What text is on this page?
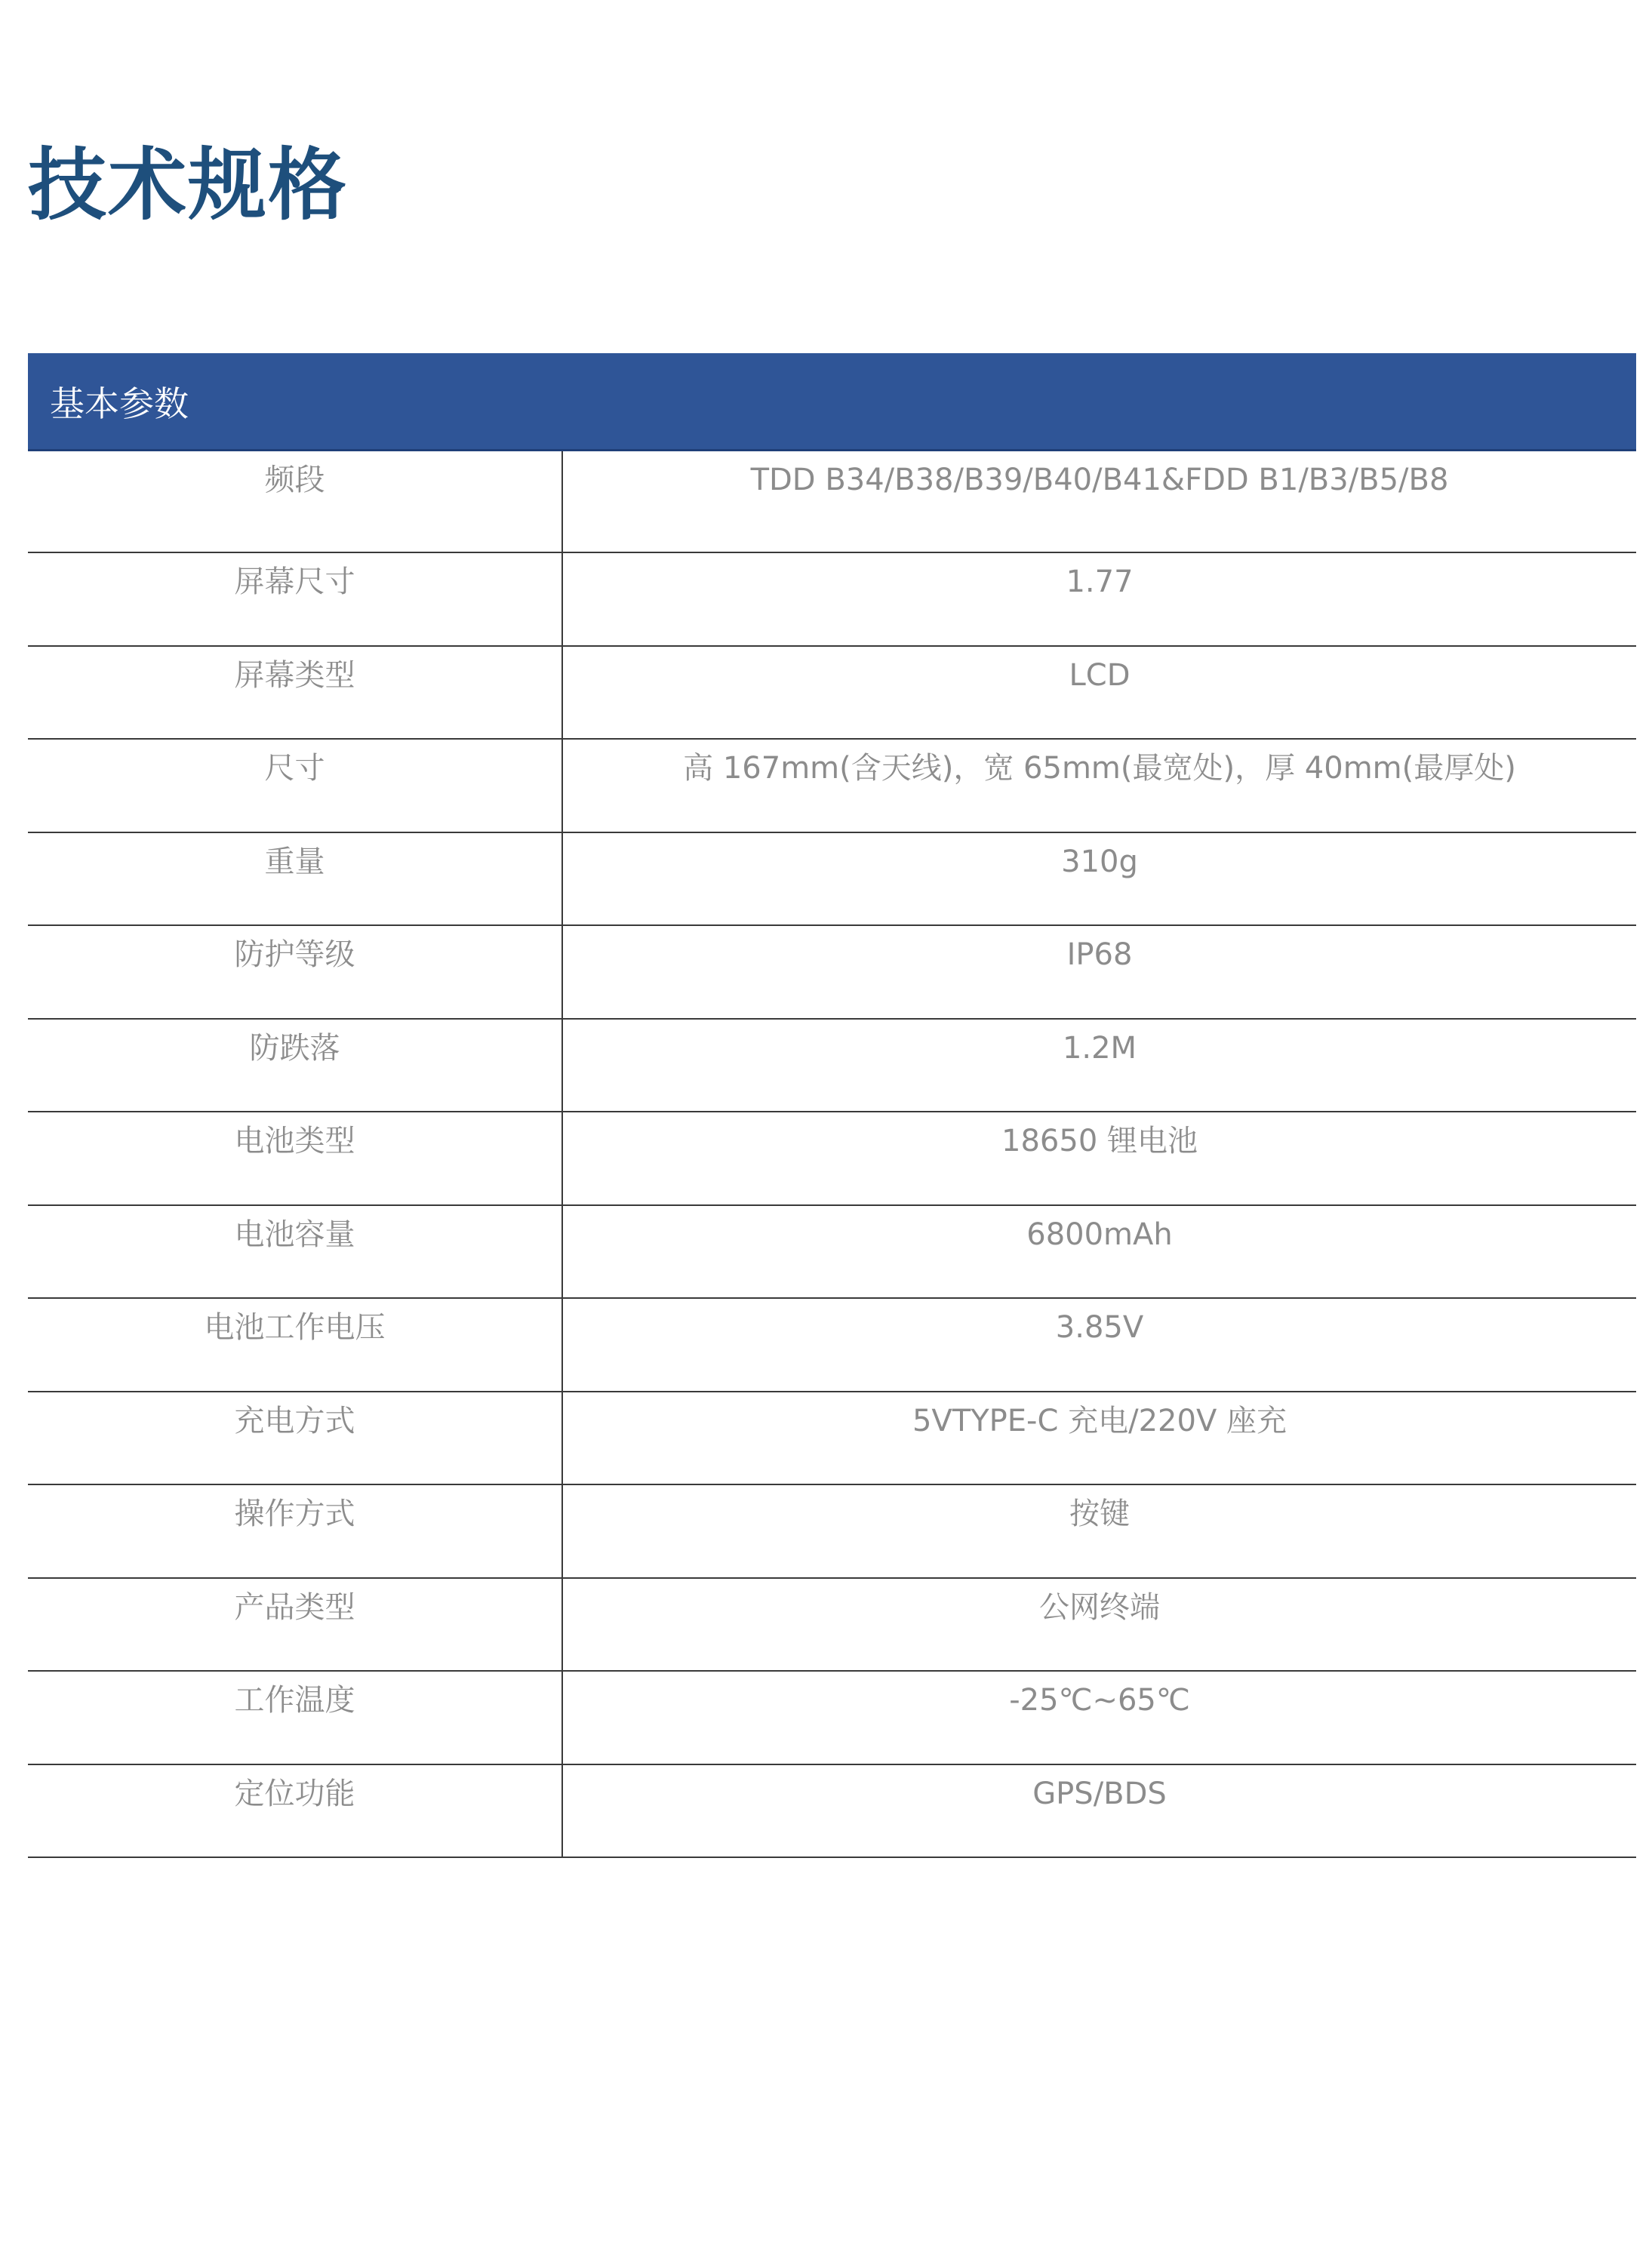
技术规格
基本参数
频段	TDD B34/B38/B39/B40/B41&FDD B1/B3/B5/B8
屏幕尺寸	1.77
屏幕类型	LCD
尺寸	高 167mm(含天线)，宽 65mm(最宽处)，厚 40mm(最厚处)
重量	310g
防护等级	IP68
防跌落	1.2M
电池类型	18650 锂电池
电池容量	6800mAh
电池工作电压	3.85V
充电方式	5VTYPE-C 充电/220V 座充
操作方式	按键
产品类型	公网终端
工作温度	-25℃~65℃
定位功能	GPS/BDS
